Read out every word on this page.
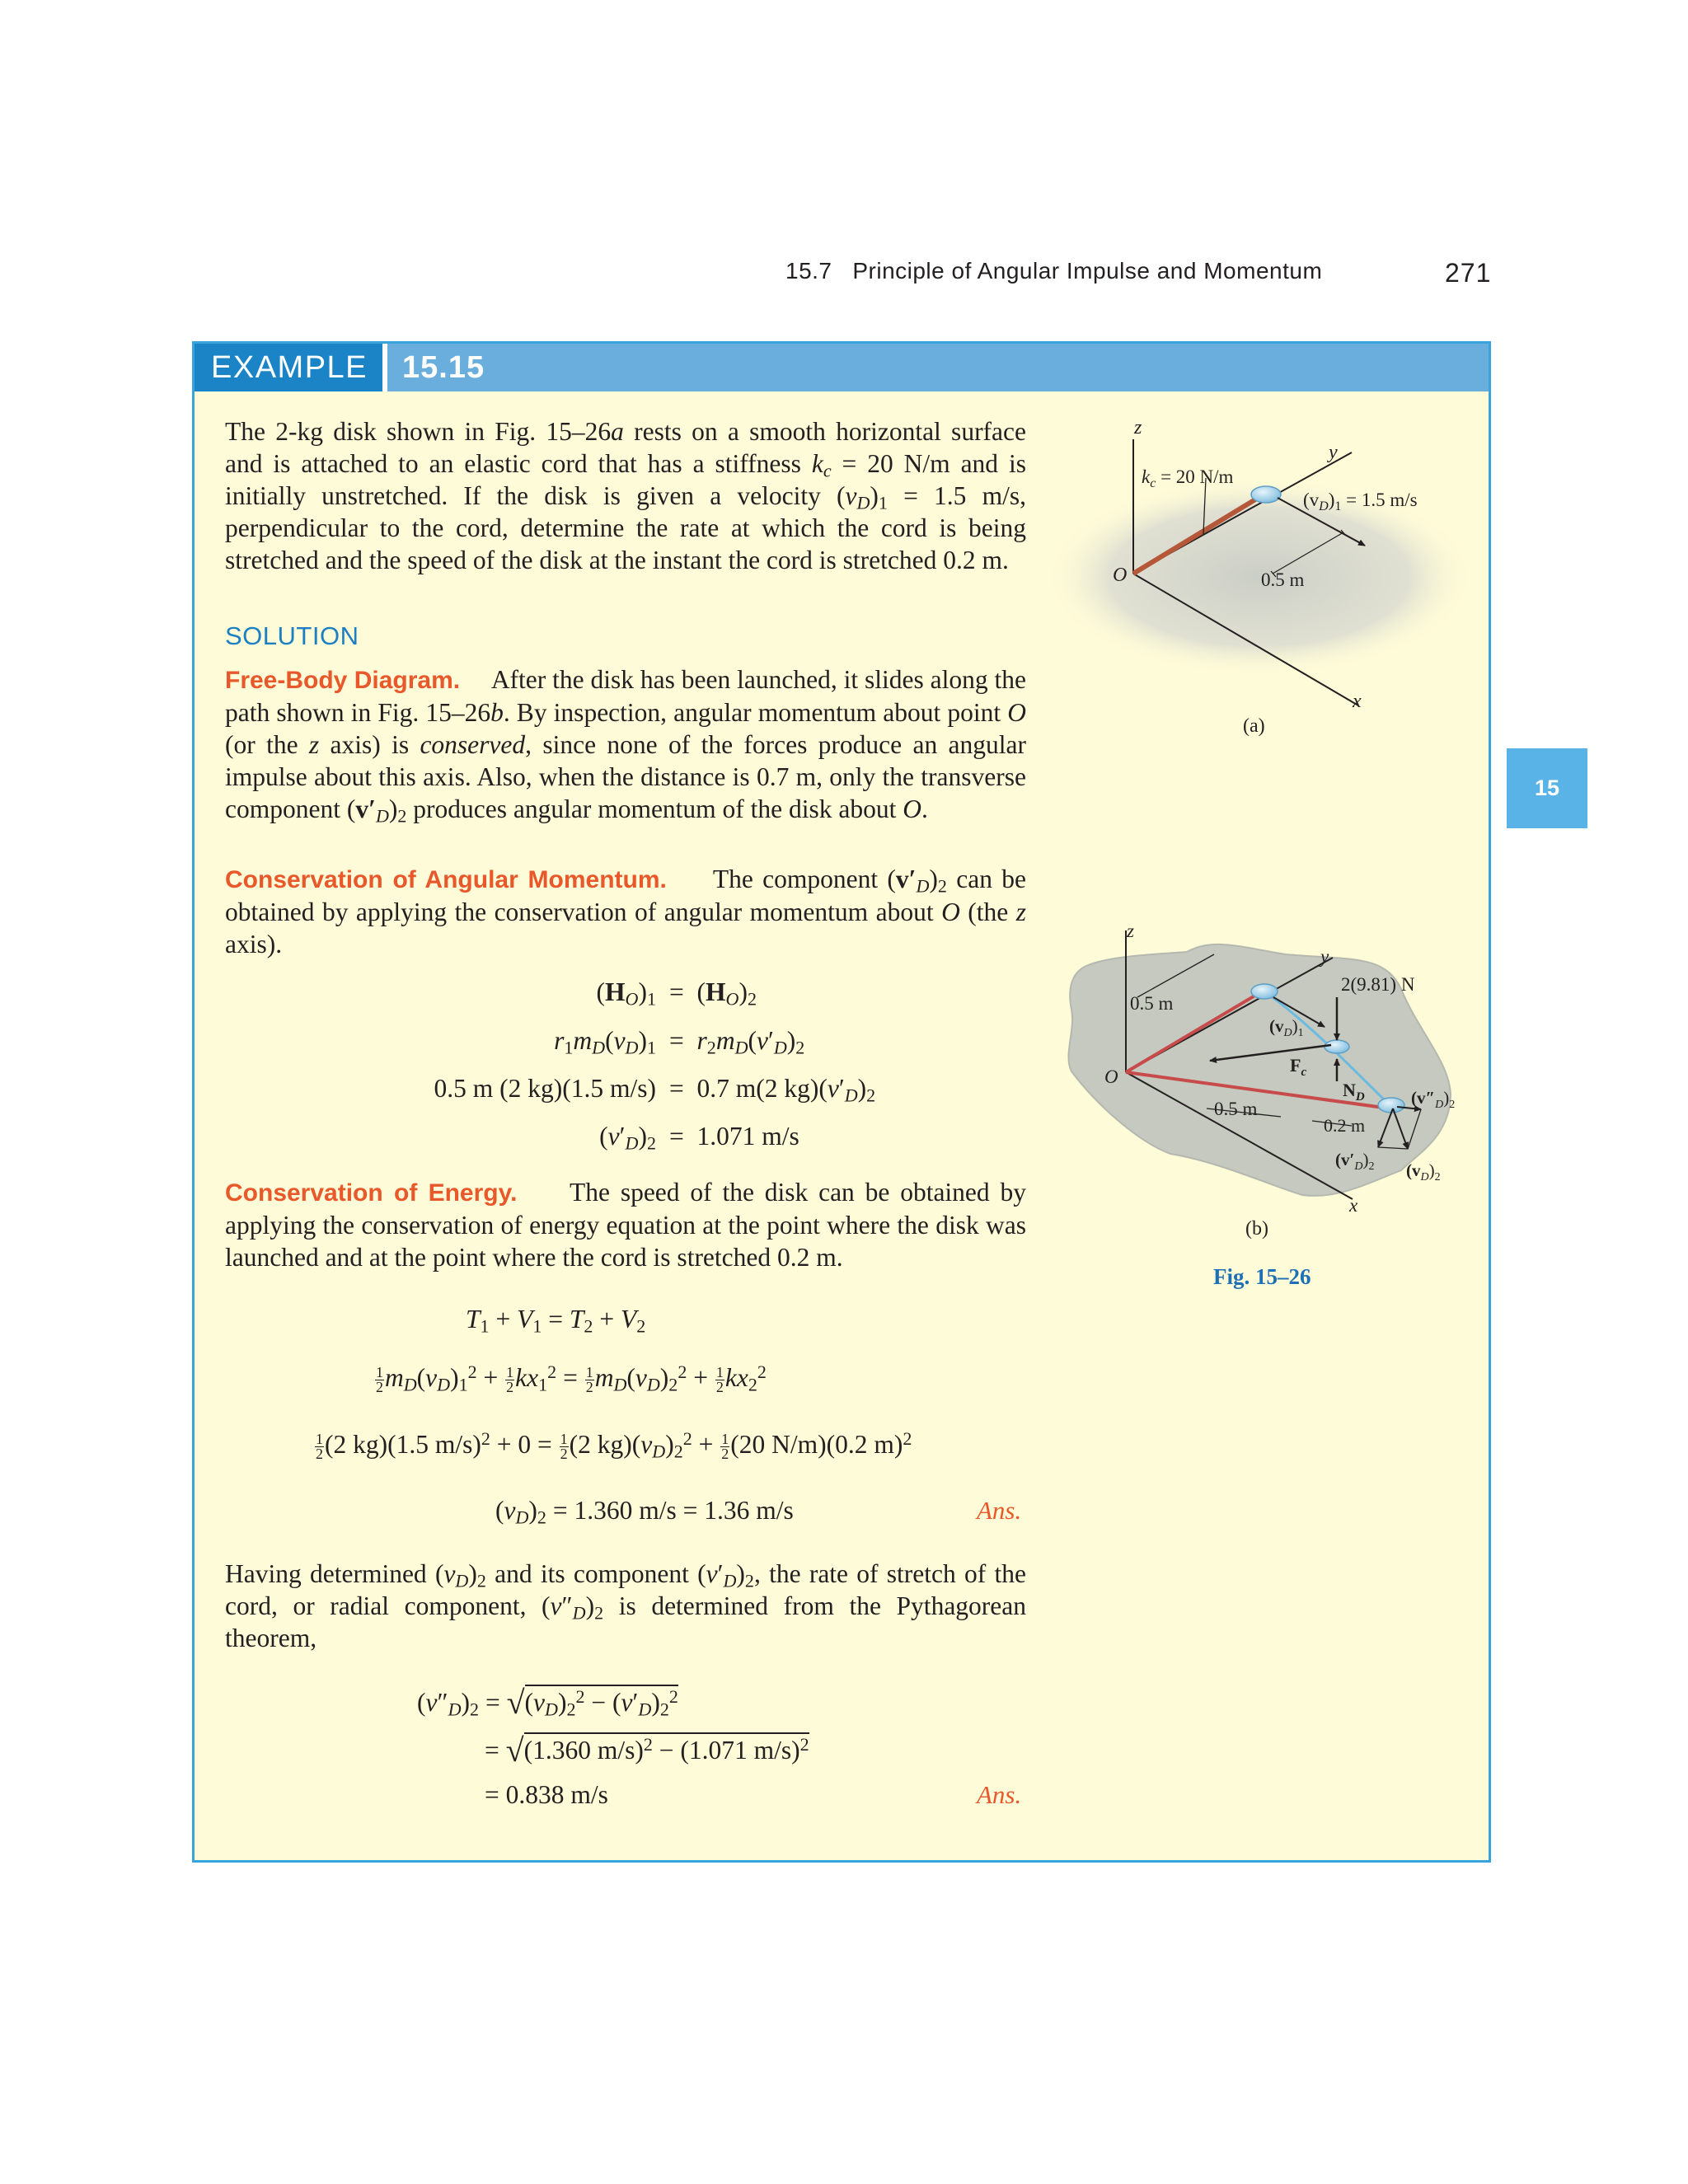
15.7 Principle of Angular Impulse and Momentum	271
15
EXAMPLE	15.15

The 2-kg disk shown in Fig. 15–26a rests on a smooth horizontal surface and is attached to an elastic cord that has a stiffness $k_c = 20$ N/m and is initially unstretched. If the disk is given a velocity $(v_D)_1 = 1.5$ m/s, perpendicular to the cord, determine the rate at which the cord is being stretched and the speed of the disk at the instant the cord is stretched 0.2 m.

SOLUTION

Free-Body Diagram. After the disk has been launched, it slides along the path shown in Fig. 15–26b. By inspection, angular momentum about point O (or the z axis) is conserved, since none of the forces produce an angular impulse about this axis. Also, when the distance is 0.7 m, only the transverse component $(v'_D)_2$ produces angular momentum of the disk about O.

Conservation of Angular Momentum. The component $(v'_D)_2$ can be obtained by applying the conservation of angular momentum about O (the z axis).

$(H_O)_1 = (H_O)_2$
$r_1m_D(v_D)_1 = r_2m_D(v'_D)_2$
0.5 m (2 kg)(1.5 m/s) =  0.7 m(2 $kg)(v'_D)_2$
$(v'_D)_2 = 1.071$ m/s

Conservation of Energy. The speed of the disk can be obtained by applying the conservation of energy equation at the point where the disk was launched and at the point where the cord is stretched 0.2 m.

$T_1 + V_1 = T_2 + V_2$
$\frac{1}{2} m_D(v_D)_1^2 + \frac{1}{2} kx_1^2 = \frac{1}{2} m_D(v_D)_2^2 + \frac{1}{2} kx_2^2$
$\frac{1}{2} (2$ kg)(1.5 $m/s)^2 + 0 = \frac{1}{2} (2$ $kg)(v_D)_2^2 + \frac{1}{2} (20$ N/m)(0.2 m)$^2$
$(v_D)_2 = 1.360$ m/s = 1.36 m/s	Ans.

Having determined $(v_D)_2$ and its component $(v'_D)_2$, the rate of stretch of the cord, or radial component, $(v''_D)_2$ is determined from the Pythagorean theorem,

$(v''_D)_2 = √(v_D)_2^2 - (v'_D)_2^2$
= √(1.360 m/s)$^2$ − (1.071 m/s)$^2$
= 0.838 m/s	Ans.
z
y
x
O
$k_c = 20$ N/m
$(v_D)_1 = 1.5$ m/s
0.5 m
(a)
z
y
x
O
0.5 m
0.5 m
0.2 m
2(9.81) N
$F_c$
$N_D$
$(v_D)_1$
$(v''_D)_2$
$(v'_D)_2$ $(v_D)_2$
(b)
Fig. 15–26
